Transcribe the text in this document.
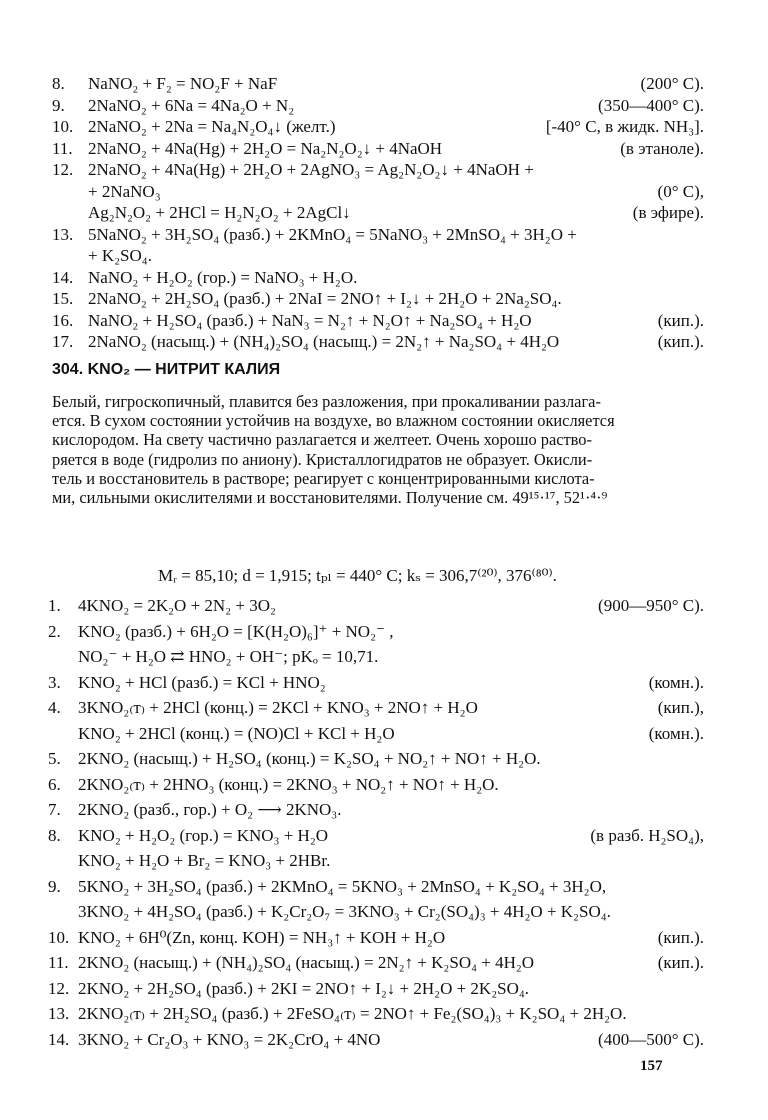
8. NaNO₂ + F₂ = NO₂F + NaF	(200° С).
9. 2NaNO₂ + 6Na = 4Na₂O + N₂	(350—400° С).
10. 2NaNO₂ + 2Na = Na₄N₂O₄↓ (желт.)	[-40° С, в жидк. NH₃].
11. 2NaNO₂ + 4Na(Hg) + 2H₂O = Na₂N₂O₂↓ + 4NaOH	(в этаноле).
12. 2NaNO₂ + 4Na(Hg) + 2H₂O + 2AgNO₃ = Ag₂N₂O₂↓ + 4NaOH +
+ 2NaNO₃	(0° С),
Ag₂N₂O₂ + 2HCl = H₂N₂O₂ + 2AgCl↓	(в эфире).
13. 5NaNO₂ + 3H₂SO₄ (разб.) + 2KMnO₄ = 5NaNO₃ + 2MnSO₄ + 3H₂O +
+ K₂SO₄.
14. NaNO₂ + H₂O₂ (гор.) = NaNO₃ + H₂O.
15. 2NaNO₂ + 2H₂SO₄ (разб.) + 2NaI = 2NO↑ + I₂↓ + 2H₂O + 2Na₂SO₄.
16. NaNO₂ + H₂SO₄ (разб.) + NaN₃ = N₂↑ + N₂O↑ + Na₂SO₄ + H₂O	(кип.).
17. 2NaNO₂ (насыщ.) + (NH₄)₂SO₄ (насыщ.) = 2N₂↑ + Na₂SO₄ + 4H₂O	(кип.).
304. KNO₂ — НИТРИТ КАЛИЯ
Белый, гигроскопичный, плавится без разложения, при прокаливании разлага-
ется. В сухом состоянии устойчив на воздухе, во влажном состоянии окисляется
кислородом. На свету частично разлагается и желтеет. Очень хорошо раство-
ряется в воде (гидролиз по аниону). Кристаллогидратов не образует. Окисли-
тель и восстановитель в растворе; реагирует с концентрированными кислота-
ми, сильными окислителями и восстановителями. Получение см. 49¹⁵·¹⁷, 52¹·⁴·⁹
Mᵣ = 85,10; d = 1,915; tₚₗ = 440° С; kₛ = 306,7⁽²⁰⁾, 376⁽⁸⁰⁾.
1. 4KNO₂ = 2K₂O + 2N₂ + 3O₂	(900—950° С).
2. KNO₂ (разб.) + 6H₂O = [K(H₂O)₆]⁺ + NO₂⁻ ,
NO₂⁻ + H₂O ⇄ HNO₂ + OH⁻; pKₒ = 10,71.
3. KNO₂ + HCl (разб.) = KCl + HNO₂	(комн.).
4. 3KNO₂₍т₎ + 2HCl (конц.) = 2KCl + KNO₃ + 2NO↑ + H₂O	(кип.),
KNO₂ + 2HCl (конц.) = (NO)Cl + KCl + H₂O	(комн.).
5. 2KNO₂ (насыщ.) + H₂SO₄ (конц.) = K₂SO₄ + NO₂↑ + NO↑ + H₂O.
6. 2KNO₂₍т₎ + 2HNO₃ (конц.) = 2KNO₃ + NO₂↑ + NO↑ + H₂O.
7. 2KNO₂ (разб., гор.) + O₂ ⟶ 2KNO₃.
8. KNO₂ + H₂O₂ (гор.) = KNO₃ + H₂O	(в разб. H₂SO₄),
KNO₂ + H₂O + Br₂ = KNO₃ + 2HBr.
9. 5KNO₂ + 3H₂SO₄ (разб.) + 2KMnO₄ = 5KNO₃ + 2MnSO₄ + K₂SO₄ + 3H₂O,
3KNO₂ + 4H₂SO₄ (разб.) + K₂Cr₂O₇ = 3KNO₃ + Cr₂(SO₄)₃ + 4H₂O + K₂SO₄.
10. KNO₂ + 6H⁰(Zn, конц. KOH) = NH₃↑ + KOH + H₂O	(кип.).
11. 2KNO₂ (насыщ.) + (NH₄)₂SO₄ (насыщ.) = 2N₂↑ + K₂SO₄ + 4H₂O	(кип.).
12. 2KNO₂ + 2H₂SO₄ (разб.) + 2KI = 2NO↑ + I₂↓ + 2H₂O + 2K₂SO₄.
13. 2KNO₂₍т₎ + 2H₂SO₄ (разб.) + 2FeSO₄₍т₎ = 2NO↑ + Fe₂(SO₄)₃ + K₂SO₄ + 2H₂O.
14. 3KNO₂ + Cr₂O₃ + KNO₃ = 2K₂CrO₄ + 4NO	(400—500° С).
157
